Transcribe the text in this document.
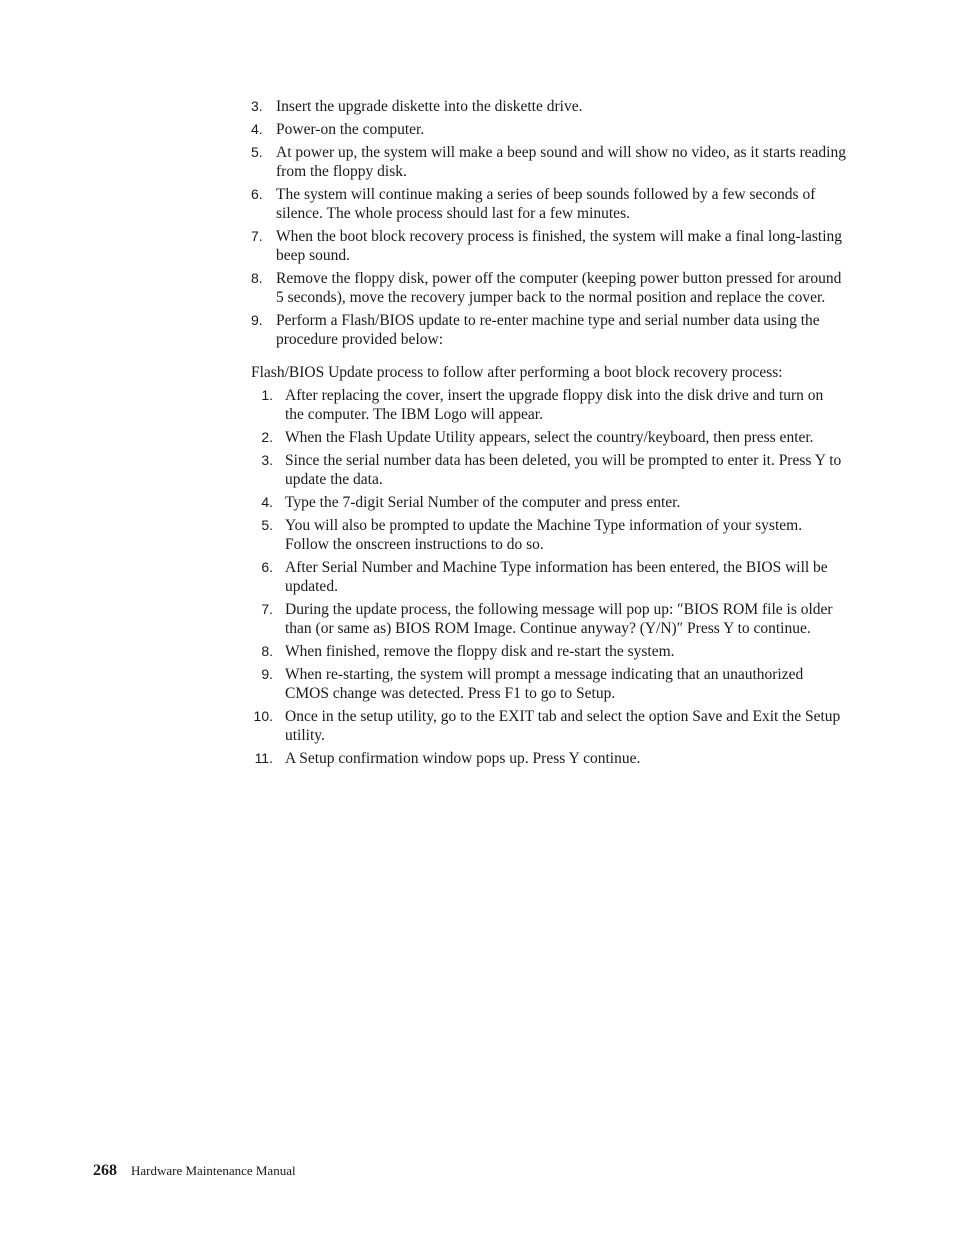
3. Insert the upgrade diskette into the diskette drive.
4. Power-on the computer.
5. At power up, the system will make a beep sound and will show no video, as it starts reading from the floppy disk.
6. The system will continue making a series of beep sounds followed by a few seconds of silence. The whole process should last for a few minutes.
7. When the boot block recovery process is finished, the system will make a final long-lasting beep sound.
8. Remove the floppy disk, power off the computer (keeping power button pressed for around 5 seconds), move the recovery jumper back to the normal position and replace the cover.
9. Perform a Flash/BIOS update to re-enter machine type and serial number data using the procedure provided below:

Flash/BIOS Update process to follow after performing a boot block recovery process:

1. After replacing the cover, insert the upgrade floppy disk into the disk drive and turn on the computer. The IBM Logo will appear.
2. When the Flash Update Utility appears, select the country/keyboard, then press enter.
3. Since the serial number data has been deleted, you will be prompted to enter it. Press Y to update the data.
4. Type the 7-digit Serial Number of the computer and press enter.
5. You will also be prompted to update the Machine Type information of your system. Follow the onscreen instructions to do so.
6. After Serial Number and Machine Type information has been entered, the BIOS will be updated.
7. During the update process, the following message will pop up: ″BIOS ROM file is older than (or same as) BIOS ROM Image. Continue anyway? (Y/N)″ Press Y to continue.
8. When finished, remove the floppy disk and re-start the system.
9. When re-starting, the system will prompt a message indicating that an unauthorized CMOS change was detected. Press F1 to go to Setup.
10. Once in the setup utility, go to the EXIT tab and select the option Save and Exit the Setup utility.
11. A Setup confirmation window pops up. Press Y continue.
268 Hardware Maintenance Manual
